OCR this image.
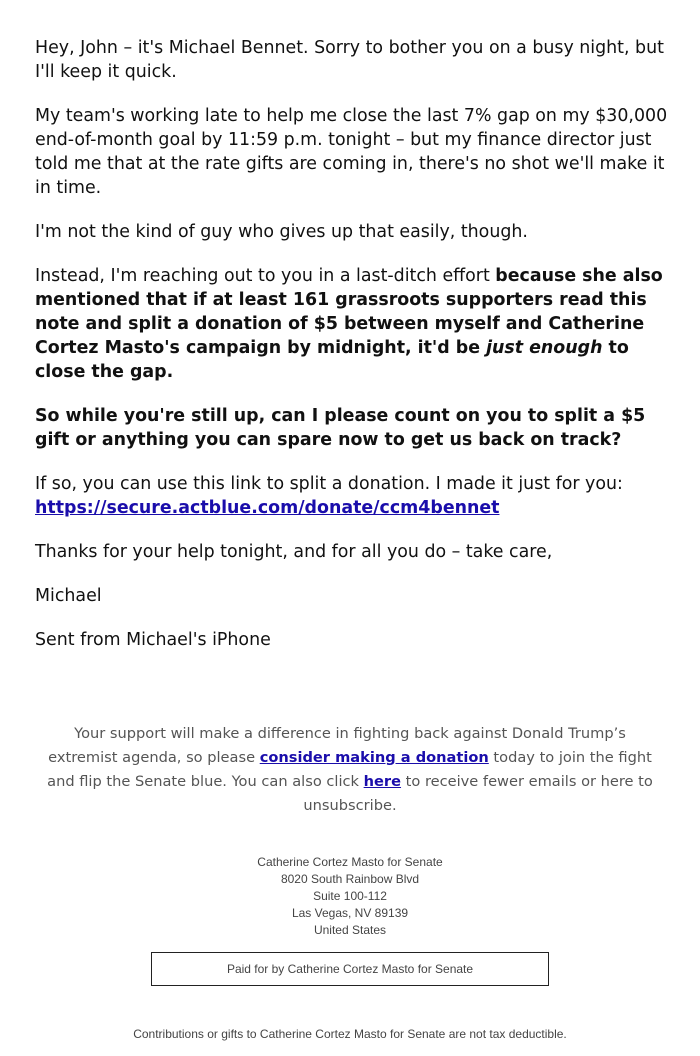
Hey, John – it's Michael Bennet. Sorry to bother you on a busy night, but I'll keep it quick.

My team's working late to help me close the last 7% gap on my $30,000 end-of-month goal by 11:59 p.m. tonight – but my finance director just told me that at the rate gifts are coming in, there's no shot we'll make it in time.

I'm not the kind of guy who gives up that easily, though.

Instead, I'm reaching out to you in a last-ditch effort because she also mentioned that if at least 161 grassroots supporters read this note and split a donation of $5 between myself and Catherine Cortez Masto's campaign by midnight, it'd be just enough to close the gap.

So while you're still up, can I please count on you to split a $5 gift or anything you can spare now to get us back on track?

If so, you can use this link to split a donation. I made it just for you: https://secure.actblue.com/donate/ccm4bennet

Thanks for your help tonight, and for all you do – take care,

Michael

Sent from Michael's iPhone

Your support will make a difference in fighting back against Donald Trump’s extremist agenda, so please consider making a donation today to join the fight and flip the Senate blue. You can also click here to receive fewer emails or here to unsubscribe.
Catherine Cortez Masto for Senate
8020 South Rainbow Blvd
Suite 100-112
Las Vegas, NV 89139
United States
Paid for by Catherine Cortez Masto for Senate
Contributions or gifts to Catherine Cortez Masto for Senate are not tax deductible.
